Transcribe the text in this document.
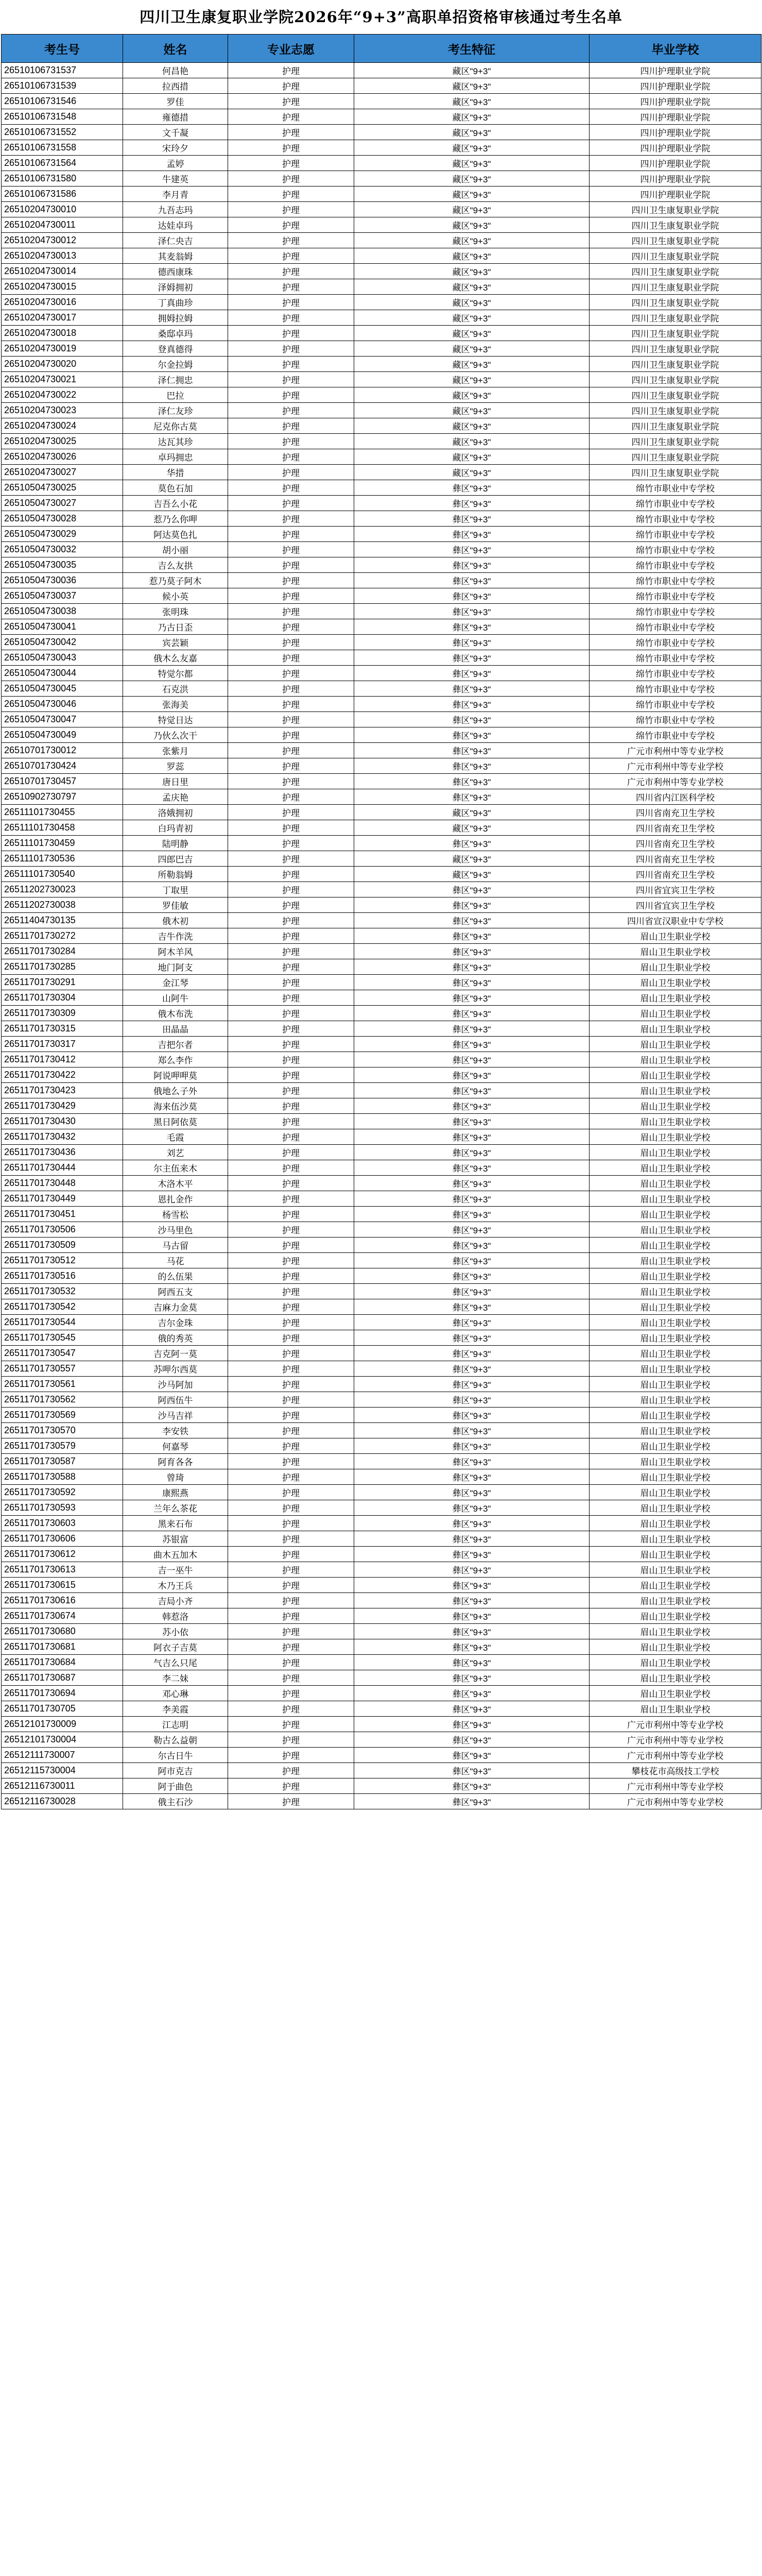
四川卫生康复职业学院2026年“9+3”高职单招资格审核通过考生名单
考生号	姓名	专业志愿	考生特征	毕业学校
26510106731537	何昌艳	护理	藏区"9+3"	四川护理职业学院
26510106731539	拉西措	护理	藏区"9+3"	四川护理职业学院
26510106731546	罗佳	护理	藏区"9+3"	四川护理职业学院
26510106731548	雍德措	护理	藏区"9+3"	四川护理职业学院
26510106731552	文千凝	护理	藏区"9+3"	四川护理职业学院
26510106731558	宋玲夕	护理	藏区"9+3"	四川护理职业学院
26510106731564	孟婷	护理	藏区"9+3"	四川护理职业学院
26510106731580	牛建英	护理	藏区"9+3"	四川护理职业学院
26510106731586	李月青	护理	藏区"9+3"	四川护理职业学院
26510204730010	九吾志玛	护理	藏区"9+3"	四川卫生康复职业学院
26510204730011	达娃卓玛	护理	藏区"9+3"	四川卫生康复职业学院
26510204730012	泽仁央吉	护理	藏区"9+3"	四川卫生康复职业学院
26510204730013	其麦翁姆	护理	藏区"9+3"	四川卫生康复职业学院
26510204730014	德西康珠	护理	藏区"9+3"	四川卫生康复职业学院
26510204730015	泽姆拥初	护理	藏区"9+3"	四川卫生康复职业学院
26510204730016	丁真曲珍	护理	藏区"9+3"	四川卫生康复职业学院
26510204730017	拥姆拉姆	护理	藏区"9+3"	四川卫生康复职业学院
26510204730018	桑邸卓玛	护理	藏区"9+3"	四川卫生康复职业学院
26510204730019	登真德得	护理	藏区"9+3"	四川卫生康复职业学院
26510204730020	尔金拉姆	护理	藏区"9+3"	四川卫生康复职业学院
26510204730021	泽仁拥忠	护理	藏区"9+3"	四川卫生康复职业学院
26510204730022	巴拉	护理	藏区"9+3"	四川卫生康复职业学院
26510204730023	泽仁友珍	护理	藏区"9+3"	四川卫生康复职业学院
26510204730024	尼克你古莫	护理	藏区"9+3"	四川卫生康复职业学院
26510204730025	达瓦其珍	护理	藏区"9+3"	四川卫生康复职业学院
26510204730026	卓玛拥忠	护理	藏区"9+3"	四川卫生康复职业学院
26510204730027	华措	护理	藏区"9+3"	四川卫生康复职业学院
26510504730025	莫色石加	护理	彝区"9+3"	绵竹市职业中专学校
26510504730027	吉吾么小花	护理	彝区"9+3"	绵竹市职业中专学校
26510504730028	惹乃么你呷	护理	彝区"9+3"	绵竹市职业中专学校
26510504730029	阿达莫色扎	护理	彝区"9+3"	绵竹市职业中专学校
26510504730032	胡小丽	护理	彝区"9+3"	绵竹市职业中专学校
26510504730035	吉么友拱	护理	彝区"9+3"	绵竹市职业中专学校
26510504730036	惹乃莫子阿木	护理	彝区"9+3"	绵竹市职业中专学校
26510504730037	候小英	护理	彝区"9+3"	绵竹市职业中专学校
26510504730038	张明珠	护理	彝区"9+3"	绵竹市职业中专学校
26510504730041	乃古日歪	护理	彝区"9+3"	绵竹市职业中专学校
26510504730042	宾芸颖	护理	彝区"9+3"	绵竹市职业中专学校
26510504730043	俄木么友嘉	护理	彝区"9+3"	绵竹市职业中专学校
26510504730044	特觉尔都	护理	彝区"9+3"	绵竹市职业中专学校
26510504730045	石克洪	护理	彝区"9+3"	绵竹市职业中专学校
26510504730046	张海美	护理	彝区"9+3"	绵竹市职业中专学校
26510504730047	特觉日达	护理	彝区"9+3"	绵竹市职业中专学校
26510504730049	乃伙么次干	护理	彝区"9+3"	绵竹市职业中专学校
26510701730012	张紫月	护理	彝区"9+3"	广元市利州中等专业学校
26510701730424	罗蕊	护理	彝区"9+3"	广元市利州中等专业学校
26510701730457	唐日里	护理	彝区"9+3"	广元市利州中等专业学校
26510902730797	孟庆艳	护理	彝区"9+3"	四川省内江医科学校
26511101730455	洛娥拥初	护理	藏区"9+3"	四川省南充卫生学校
26511101730458	白玛青初	护理	藏区"9+3"	四川省南充卫生学校
26511101730459	陆明静	护理	彝区"9+3"	四川省南充卫生学校
26511101730536	四郎巴吉	护理	藏区"9+3"	四川省南充卫生学校
26511101730540	所勒翁姆	护理	藏区"9+3"	四川省南充卫生学校
26511202730023	丁取里	护理	彝区"9+3"	四川省宜宾卫生学校
26511202730038	罗佳敏	护理	彝区"9+3"	四川省宜宾卫生学校
26511404730135	俄木初	护理	彝区"9+3"	四川省宣汉职业中专学校
26511701730272	吉牛作洗	护理	彝区"9+3"	眉山卫生职业学校
26511701730284	阿木羊风	护理	彝区"9+3"	眉山卫生职业学校
26511701730285	地门阿支	护理	彝区"9+3"	眉山卫生职业学校
26511701730291	金江琴	护理	彝区"9+3"	眉山卫生职业学校
26511701730304	山阿牛	护理	彝区"9+3"	眉山卫生职业学校
26511701730309	俄木布洗	护理	彝区"9+3"	眉山卫生职业学校
26511701730315	田晶晶	护理	彝区"9+3"	眉山卫生职业学校
26511701730317	吉把尔者	护理	彝区"9+3"	眉山卫生职业学校
26511701730412	郑么李作	护理	彝区"9+3"	眉山卫生职业学校
26511701730422	阿说呷呷莫	护理	彝区"9+3"	眉山卫生职业学校
26511701730423	俄地么子外	护理	彝区"9+3"	眉山卫生职业学校
26511701730429	海来伍沙莫	护理	彝区"9+3"	眉山卫生职业学校
26511701730430	黑日阿依莫	护理	彝区"9+3"	眉山卫生职业学校
26511701730432	毛霞	护理	彝区"9+3"	眉山卫生职业学校
26511701730436	刘艺	护理	彝区"9+3"	眉山卫生职业学校
26511701730444	尔主伍来木	护理	彝区"9+3"	眉山卫生职业学校
26511701730448	木洛木平	护理	彝区"9+3"	眉山卫生职业学校
26511701730449	恩扎金作	护理	彝区"9+3"	眉山卫生职业学校
26511701730451	杨雪松	护理	彝区"9+3"	眉山卫生职业学校
26511701730506	沙马里色	护理	彝区"9+3"	眉山卫生职业学校
26511701730509	马古留	护理	彝区"9+3"	眉山卫生职业学校
26511701730512	马花	护理	彝区"9+3"	眉山卫生职业学校
26511701730516	的么伍果	护理	彝区"9+3"	眉山卫生职业学校
26511701730532	阿西五支	护理	彝区"9+3"	眉山卫生职业学校
26511701730542	吉麻力金莫	护理	彝区"9+3"	眉山卫生职业学校
26511701730544	吉尔金珠	护理	彝区"9+3"	眉山卫生职业学校
26511701730545	俄的秀英	护理	彝区"9+3"	眉山卫生职业学校
26511701730547	吉克阿一莫	护理	彝区"9+3"	眉山卫生职业学校
26511701730557	苏呷尔西莫	护理	彝区"9+3"	眉山卫生职业学校
26511701730561	沙马阿加	护理	彝区"9+3"	眉山卫生职业学校
26511701730562	阿西伍牛	护理	彝区"9+3"	眉山卫生职业学校
26511701730569	沙马吉祥	护理	彝区"9+3"	眉山卫生职业学校
26511701730570	李安铁	护理	彝区"9+3"	眉山卫生职业学校
26511701730579	何嘉琴	护理	彝区"9+3"	眉山卫生职业学校
26511701730587	阿育各各	护理	彝区"9+3"	眉山卫生职业学校
26511701730588	曾琦	护理	彝区"9+3"	眉山卫生职业学校
26511701730592	康熙燕	护理	彝区"9+3"	眉山卫生职业学校
26511701730593	兰年么茶花	护理	彝区"9+3"	眉山卫生职业学校
26511701730603	黑来石布	护理	彝区"9+3"	眉山卫生职业学校
26511701730606	苏银富	护理	彝区"9+3"	眉山卫生职业学校
26511701730612	曲木五加木	护理	彝区"9+3"	眉山卫生职业学校
26511701730613	吉一巫牛	护理	彝区"9+3"	眉山卫生职业学校
26511701730615	木乃王兵	护理	彝区"9+3"	眉山卫生职业学校
26511701730616	吉局小齐	护理	彝区"9+3"	眉山卫生职业学校
26511701730674	韩惹洛	护理	彝区"9+3"	眉山卫生职业学校
26511701730680	苏小依	护理	彝区"9+3"	眉山卫生职业学校
26511701730681	阿衣子吉莫	护理	彝区"9+3"	眉山卫生职业学校
26511701730684	气吉么只尾	护理	彝区"9+3"	眉山卫生职业学校
26511701730687	李二妹	护理	彝区"9+3"	眉山卫生职业学校
26511701730694	邓心琳	护理	彝区"9+3"	眉山卫生职业学校
26511701730705	李美霞	护理	彝区"9+3"	眉山卫生职业学校
26512101730009	江志明	护理	彝区"9+3"	广元市利州中等专业学校
26512101730004	勒古么益朝	护理	彝区"9+3"	广元市利州中等专业学校
26512111730007	尔古日牛	护理	彝区"9+3"	广元市利州中等专业学校
26512115730004	阿市克吉	护理	彝区"9+3"	攀枝花市高级技工学校
26512116730011	阿于曲色	护理	彝区"9+3"	广元市利州中等专业学校
26512116730028	俄主石沙	护理	彝区"9+3"	广元市利州中等专业学校
